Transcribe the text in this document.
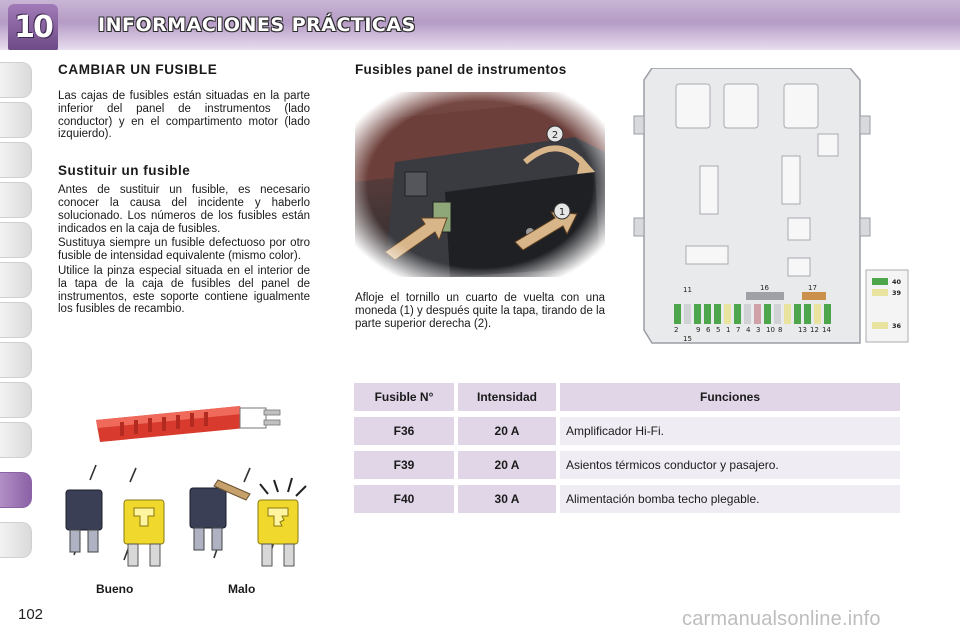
10	INFORMACIONES PRÁCTICAS
CAMBIAR UN FUSIBLE

Las cajas de fusibles están situadas en la parte inferior del panel de instrumentos (lado conductor) y en el compartimento motor (lado izquierdo).

Sustituir un fusible

Antes de sustituir un fusible, es necesario conocer la causa del incidente y haberlo solucionado. Los números de los fusibles están indicados en la caja de fusibles.

Sustituya siempre un fusible defectuoso por otro fusible de intensidad equivalente (mismo color).

Utilice la pinza especial situada en el interior de la tapa de la caja de fusibles del panel de instrumentos, este soporte contiene igualmente los fusibles de recambio.

Bueno	Malo
Fusibles panel de instrumentos

Afloje el tornillo un cuarto de vuelta con una moneda (1) y después quite la tapa, tirando de la parte superior derecha (2).

11
2
15
16	17
9 6 5 1 7 4 3 10 8 13 12 14
40
39
36
Fusible N°	Intensidad	Funciones
F36	20 A	Amplificador Hi-Fi.
F39	20 A	Asientos térmicos conductor y pasajero.
F40	30 A	Alimentación bomba techo plegable.
102	carmanualsonline.info
